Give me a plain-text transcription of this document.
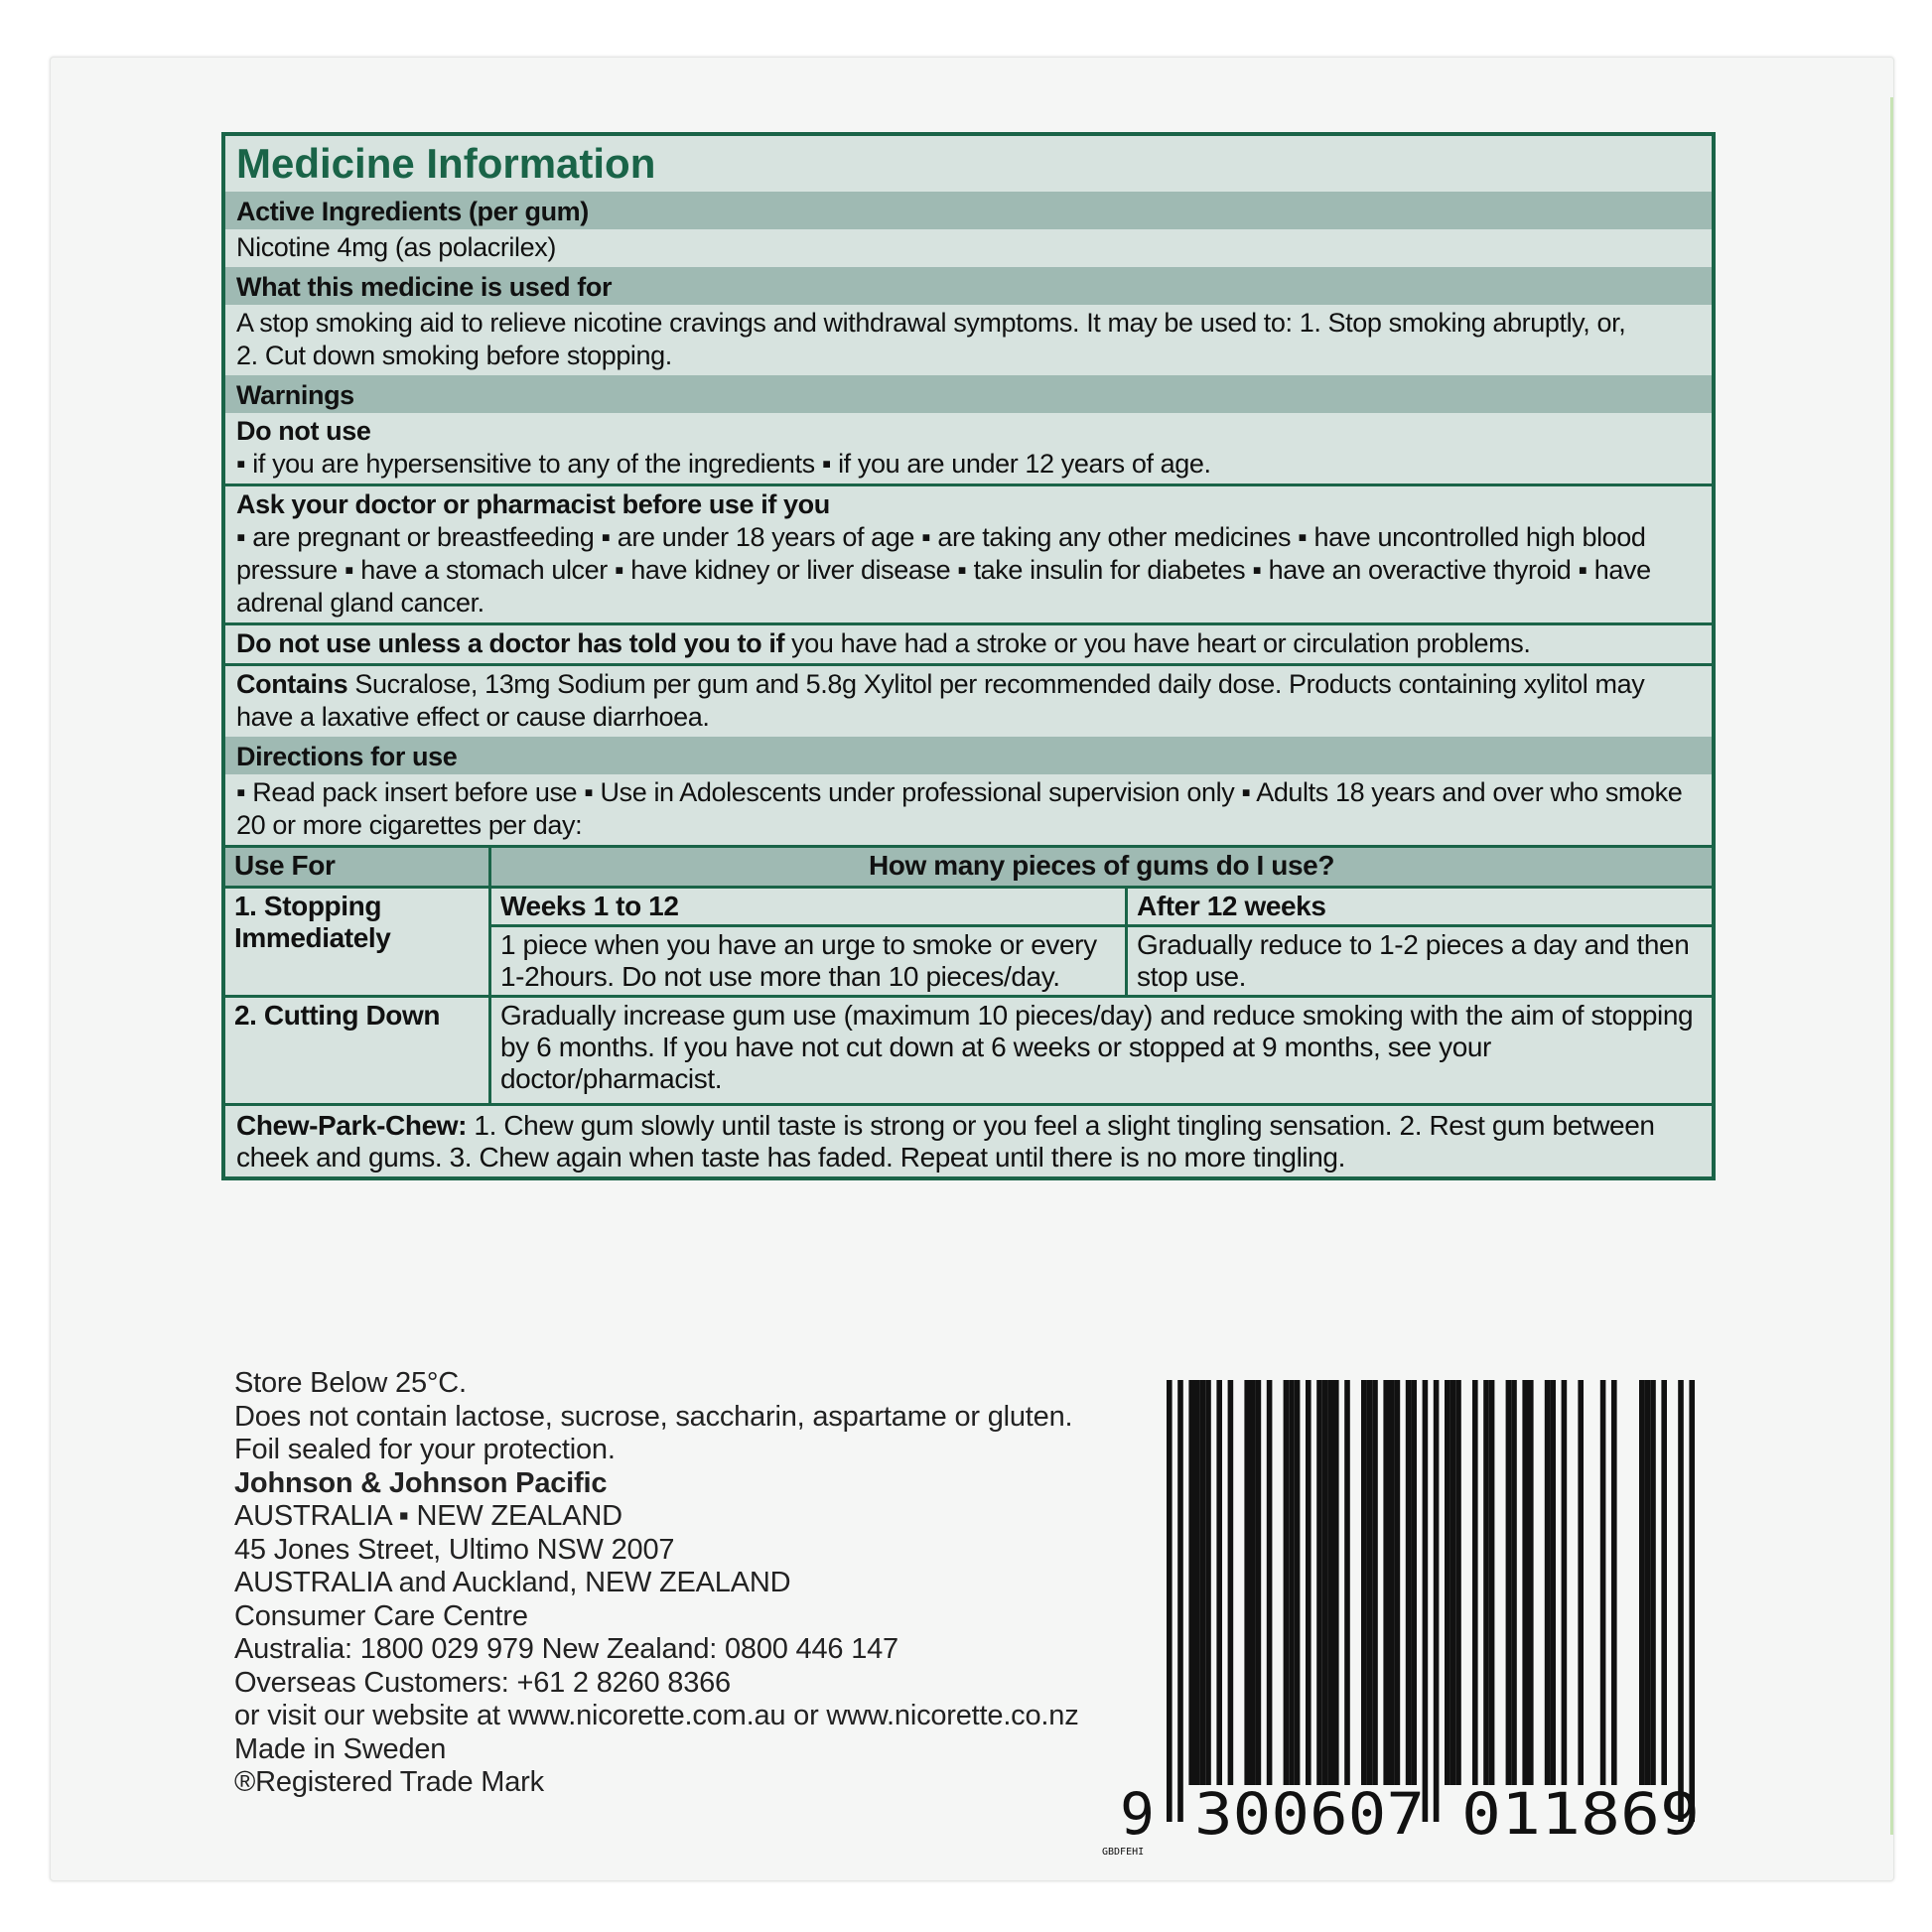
Medicine Information
Active Ingredients (per gum)
Nicotine 4mg (as polacrilex)
What this medicine is used for
A stop smoking aid to relieve nicotine cravings and withdrawal symptoms. It may be used to: 1. Stop smoking abruptly, or, 2. Cut down smoking before stopping.
Warnings
Do not use
▪ if you are hypersensitive to any of the ingredients ▪ if you are under 12 years of age.
Ask your doctor or pharmacist before use if you
▪ are pregnant or breastfeeding ▪ are under 18 years of age ▪ are taking any other medicines ▪ have uncontrolled high blood pressure ▪ have a stomach ulcer ▪ have kidney or liver disease ▪ take insulin for diabetes ▪ have an overactive thyroid ▪ have adrenal gland cancer.
Do not use unless a doctor has told you to if you have had a stroke or you have heart or circulation problems.
Contains Sucralose, 13mg Sodium per gum and 5.8g Xylitol per recommended daily dose. Products containing xylitol may have a laxative effect or cause diarrhoea.
Directions for use
▪ Read pack insert before use ▪ Use in Adolescents under professional supervision only ▪ Adults 18 years and over who smoke 20 or more cigarettes per day:
Use For	How many pieces of gums do I use?	
1. Stopping Immediately	Weeks 1 to 12	After 12 weeks
	1 piece when you have an urge to smoke or every 1-2hours. Do not use more than 10 pieces/day.	Gradually reduce to 1-2 pieces a day and then stop use.
2. Cutting Down	Gradually increase gum use (maximum 10 pieces/day) and reduce smoking with the aim of stopping by 6 months. If you have not cut down at 6 weeks or stopped at 9 months, see your doctor/pharmacist.	
Chew-Park-Chew: 1. Chew gum slowly until taste is strong or you feel a slight tingling sensation. 2. Rest gum between cheek and gums. 3. Chew again when taste has faded. Repeat until there is no more tingling.
Store Below 25°C.
Does not contain lactose, sucrose, saccharin, aspartame or gluten.
Foil sealed for your protection.
Johnson & Johnson Pacific
AUSTRALIA ▪ NEW ZEALAND
45 Jones Street, Ultimo NSW 2007
AUSTRALIA and Auckland, NEW ZEALAND
Consumer Care Centre
Australia: 1800 029 979 New Zealand: 0800 446 147
Overseas Customers: +61 2 8260 8366
or visit our website at www.nicorette.com.au or www.nicorette.co.nz
Made in Sweden
®Registered Trade Mark	9 300607 011869
GBDFEHI
